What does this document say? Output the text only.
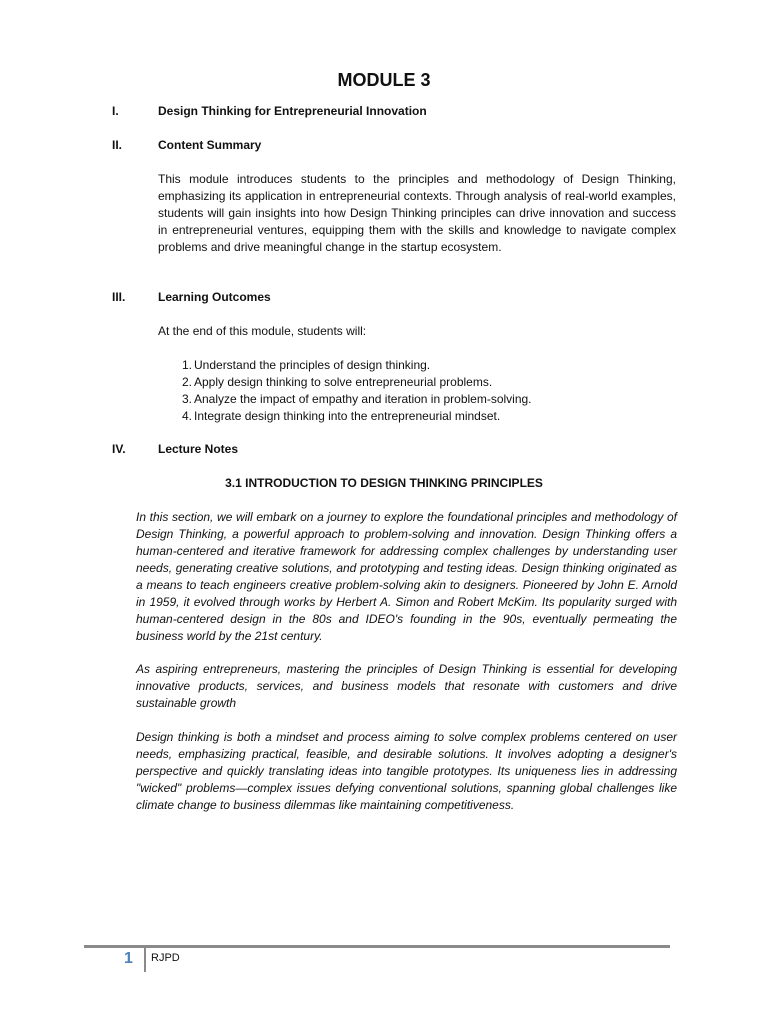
MODULE 3
I.	Design Thinking for Entrepreneurial Innovation
II.	Content Summary
This module introduces students to the principles and methodology of Design Thinking, emphasizing its application in entrepreneurial contexts. Through analysis of real-world examples, students will gain insights into how Design Thinking principles can drive innovation and success in entrepreneurial ventures, equipping them with the skills and knowledge to navigate complex problems and drive meaningful change in the startup ecosystem.
III.	Learning Outcomes
At the end of this module, students will:
1. Understand the principles of design thinking.
2. Apply design thinking to solve entrepreneurial problems.
3. Analyze the impact of empathy and iteration in problem-solving.
4. Integrate design thinking into the entrepreneurial mindset.
IV.	Lecture Notes
3.1 INTRODUCTION TO DESIGN THINKING PRINCIPLES
In this section, we will embark on a journey to explore the foundational principles and methodology of Design Thinking, a powerful approach to problem-solving and innovation. Design Thinking offers a human-centered and iterative framework for addressing complex challenges by understanding user needs, generating creative solutions, and prototyping and testing ideas. Design thinking originated as a means to teach engineers creative problem-solving akin to designers. Pioneered by John E. Arnold in 1959, it evolved through works by Herbert A. Simon and Robert McKim. Its popularity surged with human-centered design in the 80s and IDEO's founding in the 90s, eventually permeating the business world by the 21st century.
As aspiring entrepreneurs, mastering the principles of Design Thinking is essential for developing innovative products, services, and business models that resonate with customers and drive sustainable growth
Design thinking is both a mindset and process aiming to solve complex problems centered on user needs, emphasizing practical, feasible, and desirable solutions. It involves adopting a designer's perspective and quickly translating ideas into tangible prototypes. Its uniqueness lies in addressing "wicked" problems—complex issues defying conventional solutions, spanning global challenges like climate change to business dilemmas like maintaining competitiveness.
1 RJPD
